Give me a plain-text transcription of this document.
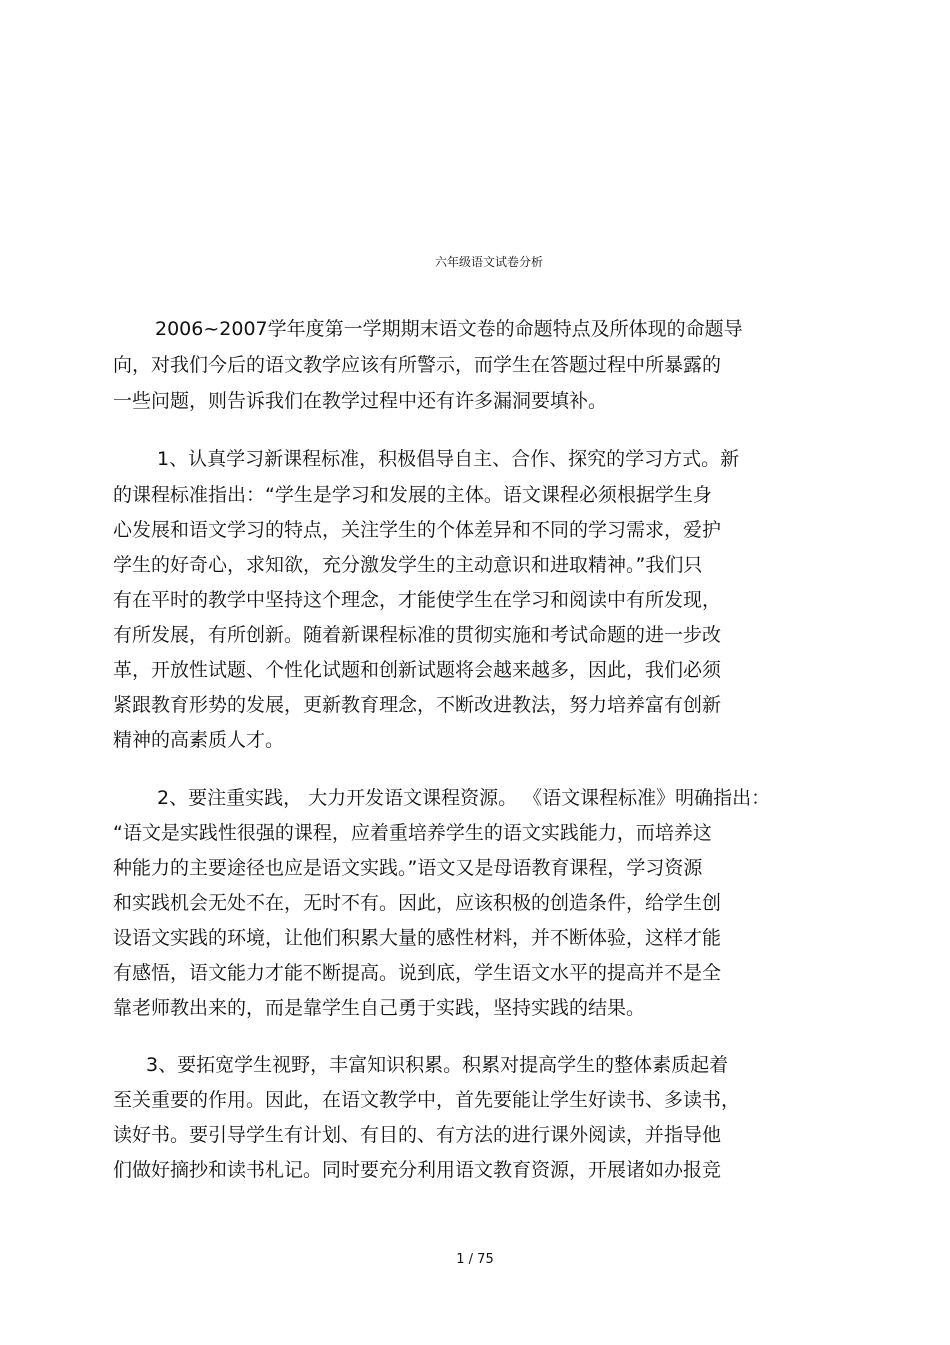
六年级语文试卷分析
2006~2007学年度第一学期期末语文卷的命题特点及所体现的命题导
向，对我们今后的语文教学应该有所警示，而学生在答题过程中所暴露的
一些问题，则告诉我们在教学过程中还有许多漏洞要填补。
1、认真学习新课程标准，积极倡导自主、合作、探究的学习方式。新
的课程标准指出：“学生是学习和发展的主体。语文课程必须根据学生身
心发展和语文学习的特点，关注学生的个体差异和不同的学习需求，爱护
学生的好奇心，求知欲，充分激发学生的主动意识和进取精神。”我们只
有在平时的教学中坚持这个理念，才能使学生在学习和阅读中有所发现，
有所发展，有所创新。随着新课程标准的贯彻实施和考试命题的进一步改
革，开放性试题、个性化试题和创新试题将会越来越多，因此，我们必须
紧跟教育形势的发展，更新教育理念，不断改进教法，努力培养富有创新
精神的高素质人才。
2、要注重实践， 大力开发语文课程资源。 《语文课程标准》明确指出：
“语文是实践性很强的课程，应着重培养学生的语文实践能力，而培养这
种能力的主要途径也应是语文实践。”语文又是母语教育课程，学习资源
和实践机会无处不在，无时不有。因此，应该积极的创造条件，给学生创
设语文实践的环境，让他们积累大量的感性材料，并不断体验，这样才能
有感悟，语文能力才能不断提高。说到底，学生语文水平的提高并不是全
靠老师教出来的，而是靠学生自己勇于实践，坚持实践的结果。
3、要拓宽学生视野，丰富知识积累。积累对提高学生的整体素质起着
至关重要的作用。因此，在语文教学中，首先要能让学生好读书、多读书，
读好书。要引导学生有计划、有目的、有方法的进行课外阅读，并指导他
们做好摘抄和读书札记。同时要充分利用语文教育资源，开展诸如办报竞
1 / 75
